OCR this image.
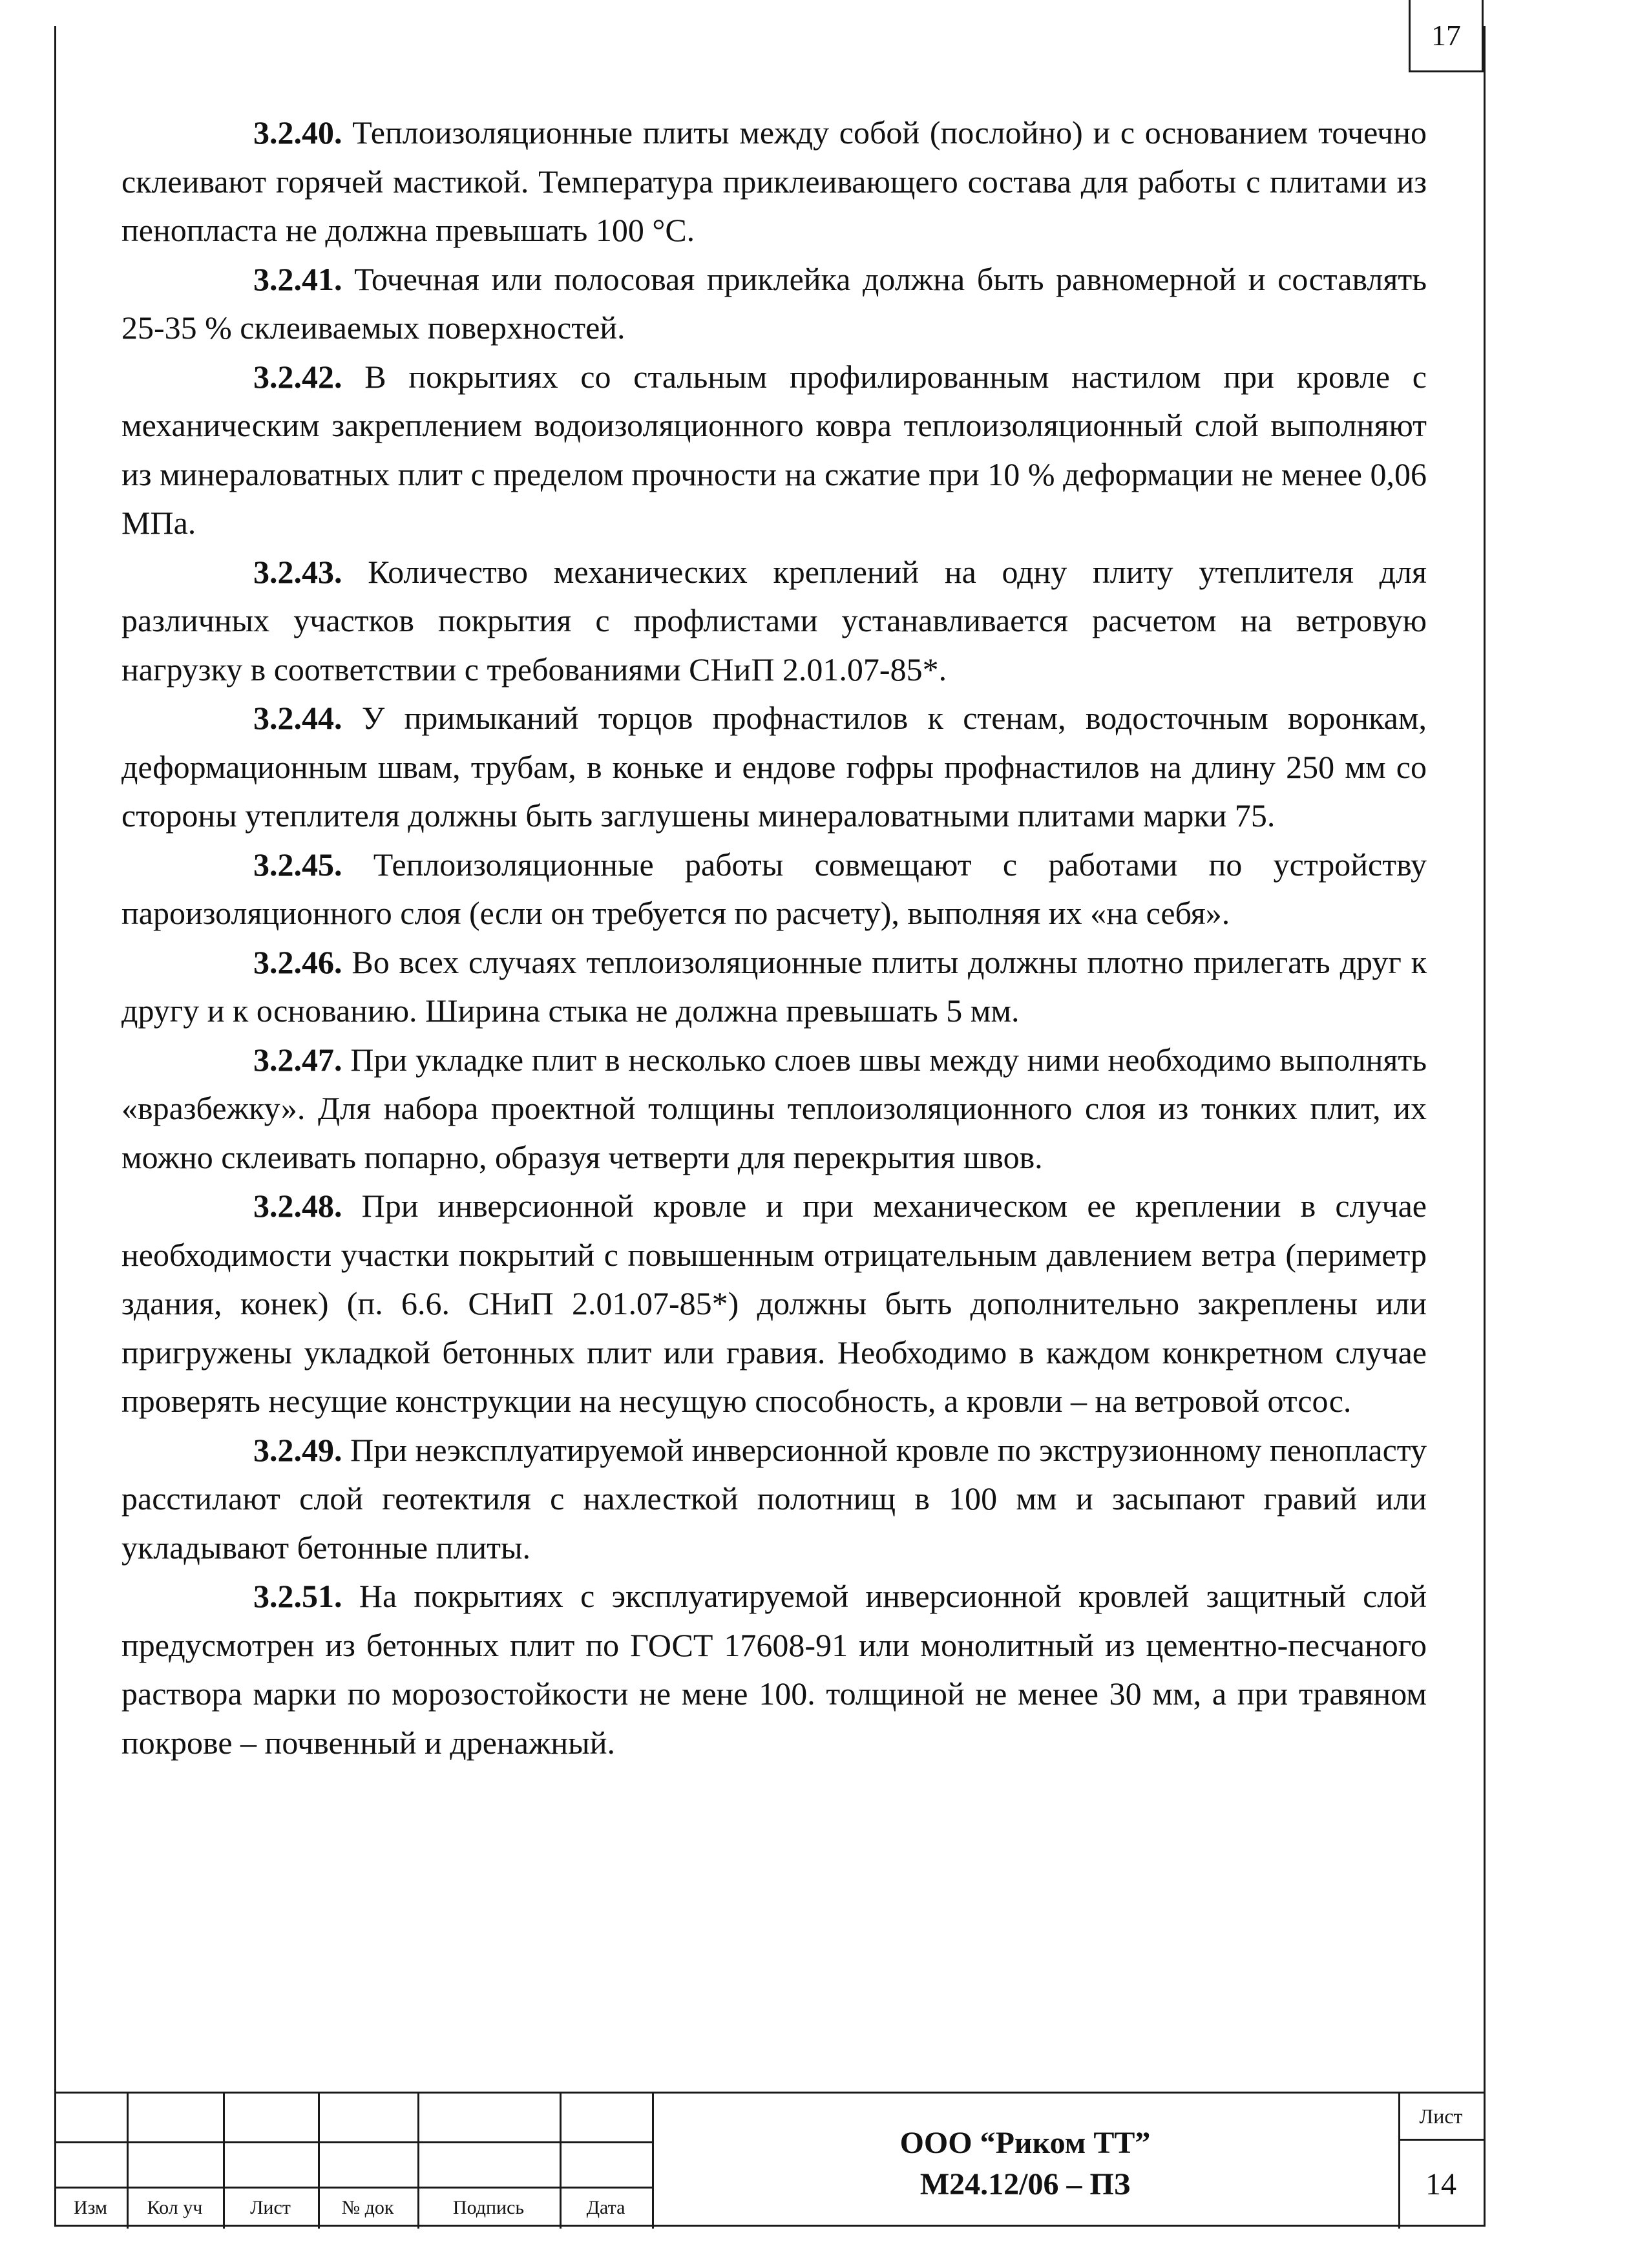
17

3.2.40. Теплоизоляционные плиты между собой (послойно) и с основанием точечно склеивают горячей мастикой. Температура приклеивающего состава для работы с плитами из пенопласта не должна превышать 100 °С.

3.2.41. Точечная или полосовая приклейка должна быть равномерной и составлять 25-35 % склеиваемых поверхностей.

3.2.42. В покрытиях со стальным профилированным настилом при кровле с механическим закреплением водоизоляционного ковра теплоизоляционный слой выполняют из минераловатных плит с пределом прочности на сжатие при 10 % деформации не менее 0,06 МПа.

3.2.43. Количество механических креплений на одну плиту утеплителя для различных участков покрытия с профлистами устанавливается расчетом на ветровую нагрузку в соответствии с требованиями СНиП 2.01.07-85*.

3.2.44. У примыканий торцов профнастилов к стенам, водосточным воронкам, деформационным швам, трубам, в коньке и ендове гофры профнастилов на длину 250 мм со стороны утеплителя должны быть заглушены минераловатными плитами марки 75.

3.2.45. Теплоизоляционные работы совмещают с работами по устройству пароизоляционного слоя (если он требуется по расчету), выполняя их «на себя».

3.2.46. Во всех случаях теплоизоляционные плиты должны плотно прилегать друг к другу и к основанию. Ширина стыка не должна превышать 5 мм.

3.2.47. При укладке плит в несколько слоев швы между ними необходимо выполнять «вразбежку». Для набора проектной толщины теплоизоляционного слоя из тонких плит, их можно склеивать попарно, образуя четверти для перекрытия швов.

3.2.48. При инверсионной кровле и при механическом ее креплении в случае необходимости участки покрытий с повышенным отрицательным давлением ветра (периметр здания, конек) (п. 6.6. СНиП 2.01.07-85*) должны быть дополнительно закреплены или пригружены укладкой бетонных плит или гравия. Необходимо в каждом конкретном случае проверять несущие конструкции на несущую способность, а кровли – на ветровой отсос.

3.2.49. При неэксплуатируемой инверсионной кровле по экструзионному пенопласту расстилают слой геотектиля с нахлесткой полотнищ в 100 мм и засыпают гравий или укладывают бетонные плиты.

3.2.51. На покрытиях с эксплуатируемой инверсионной кровлей защитный слой предусмотрен из бетонных плит по ГОСТ 17608-91 или монолитный из цементно-песчаного раствора марки по морозостойкости не мене 100. толщиной не менее 30 мм, а при травяном покрове – почвенный и дренажный.

Изм	Кол уч	Лист	№ док	Подпись	Дата
ООО “Риком ТТ”
М24.12/06 – ПЗ
Лист
14
